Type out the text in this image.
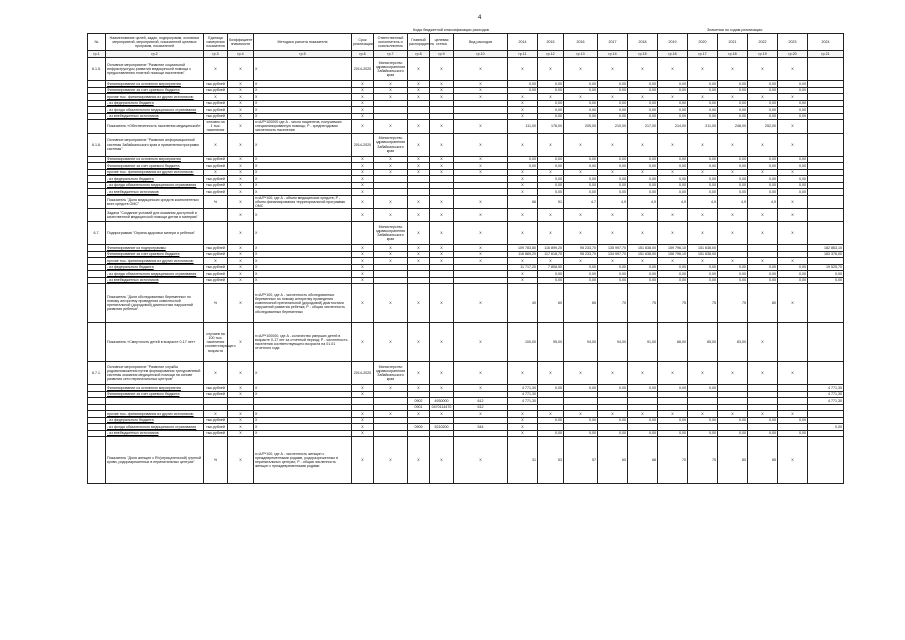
4
Коды бюджетной классификации расходов	Значения по годам реализации
№	Наименование целей, задач, подпрограмм, основных мероприятий, мероприятий, показателей целевых программ, показателей	Единица измерения показателя	Коэффициент значимости	Методика расчета показателя	Срок реализации	Ответственный исполнитель и соисполнитель	Главный распорядитель	целевая статья	Вид расходов	2014	2015	2016	2017	2018	2019	2020	2021	2022	2023	2024
гр.1	гр.2	гр.3	гр.4	гр.5	гр.6	гр.7	гр.8	гр.9	гр.10	гр.11	гр.12	гр.13	гр.14	гр.15	гр.16	гр.17	гр.18	гр.19	гр.20	гр.21
6.1.5.	Основное мероприятие "Развитие социальной инфраструктуры развития медицинской помощи к предоставлению платной помощи населению"	Х	Х	Х	2014-2020	Министерство здравоохранения Забайкальского края	Х	Х	Х	Х	Х	Х	Х	Х	Х	Х	Х	Х	Х	
	Финансирование из основного мероприятия	тыс.рублей	Х	Х	Х	Х	Х	Х	Х	0,00	0,00	0,00	0,00	0,00	0,00	0,00	0,00	0,00	0,00	
	Финансирование за счет краевого бюджета	тыс.рублей	Х	Х	Х	Х	Х	Х	Х	0,00	0,00	0,00	0,00	0,00	0,00	0,00	0,00	0,00	0,00	
	прочие тыс. финансирования из других источников:	Х	Х	Х	Х	Х	Х	Х	Х	Х	Х	Х	Х	Х	Х	Х	Х	Х	Х	
	- из федерального бюджета	тыс.рублей	Х	Х	Х					Х	0,00	0,00	0,00	0,00	0,00	0,00	0,00	0,00	0,00	
	- из фонда обязательного медицинского страхования	тыс.рублей	Х	Х	Х					Х	0,00	0,00	0,00	0,00	0,00	0,00	0,00	0,00	0,00	
	- из внебюджетных источников	тыс.рублей	Х	Х	Х					Х	0,00	0,00	0,00	0,00	0,00	0,00	0,00	0,00	0,00	
	Показатель «Обеспеченность населения медицинской»	человек на 1 тыс. населения	Х	п=А/Р*100000 где А - число пациентов, получивших специализированную помощь; Р - среднегодовая численность населения	Х	Х	Х	Х	Х	111,00	176,00	205,00	210,00	217,00	214,00	211,00	248,00	252,00	Х	
6.1.6.	Основное мероприятие "Развитие информационной системы Забайкальского края и применения программ системы"	Х	Х	Х	2014-2020	Министерство здравоохранения Забайкальского края	Х	Х	Х	Х	Х	Х	Х	Х	Х	Х	Х	Х	Х	
	Финансирование из основного мероприятия	тыс.рублей	Х	Х	Х	Х	Х	Х	Х	0,00	0,00	0,00	0,00	0,00	0,00	0,00	0,00	0,00	0,00	
	Финансирование за счет краевого бюджета	тыс.рублей	Х	Х	Х	Х	Х	Х	Х	0,00	0,00	0,00	0,00	0,00	0,00	0,00	0,00	0,00	0,00	
	прочие тыс. финансирования из других источников:	Х	Х	Х	Х	Х	Х	Х	Х	Х	Х	Х	Х	Х	Х	Х	Х	Х	Х	
	- из федерального бюджета	тыс.рублей	Х	Х	Х					Х	0,00	0,00	0,00	0,00	0,00	0,00	0,00	0,00	0,00	
	- из фонда обязательного медицинского страхования	тыс.рублей	Х	Х	Х					Х	0,00	0,00	0,00	0,00	0,00	0,00	0,00	0,00	0,00	
	- из внебюджетных источников	тыс.рублей	Х	Х	Х					Х	0,00	0,00	0,00	0,00	0,00	0,00	0,00	0,00	0,00	
	Показатель "Доля медицинских средств компонентных всех средств ОМС"	%	Х	п=А/Р*100, где А - объем медицинских средств; Р - объем финансирования территориальной программы ОМС	Х	Х	Х	Х	Х	66	51	4,7	4,9	4,9	4,9	4,9	4,9	4,9	Х	
	Задача "Создание условий для оказания доступной и качественной медицинской помощи детям и матерям"		Х	Х	Х	Х	Х	Х	Х	Х	Х	Х	Х	Х	Х	Х	Х	Х	Х	
6.7.	Подпрограмма "Охрана здоровья матери и ребенка"		Х	Х		Министерство здравоохранения Забайкальского края	Х	Х	Х	Х	Х	Х	Х	Х	Х	Х	Х	Х	Х	
	Финансирование из подпрограммы	тыс.рублей	Х	Х	Х	Х	Х	Х	Х	109 783,80	116 899,20	95 233,70	135 997,70	151 638,00	159 796,10	151 638,00				182 863,10
	Финансирование за счет краевого бюджета	тыс.рублей	Х	Х	Х	Х	Х	Х	Х	116 869,20	117 618,70	95 233,70	134 997,70	151 638,00	158 796,10	151 638,00				183 376,00
	прочие тыс. финансирования из других источников:	Х	Х	Х	Х	Х	Х	Х	Х	Х	Х	Х	Х	Х	Х	Х	Х	Х	Х	
	- из федерального бюджета	тыс.рублей	Х	Х	Х					11 717,20	7 808,50	0,00	0,00	0,00	0,00	0,00	0,00	0,00	0,00	19 525,70
	- из фонда обязательного медицинского страхования	тыс.рублей	Х	Х	Х					Х	0,00	0,00	0,00	0,00	0,00	0,00	0,00	0,00	0,00	0,00
	- из внебюджетных источников	тыс.рублей	Х	Х	Х					Х	0,00	0,00	0,00	0,00	0,00	0,00	0,00	0,00	0,00	0,00
	Показатель "Доля обследованных беременных по новому алгоритму проведения комплексной пренатальной (дородовой) диагностики нарушений развития ребенка"	%	Х	п=А/Р*100, где А - численность обследованных беременных по новому алгоритму проведения комплексной пренатальной (дородовой) диагностики нарушений развития ребенка; Р - общая численность обследованных беременных	Х	Х	Х	Х	Х	40	60	65	70	75	75	75	75	80	Х	
	Показатель «Смертность детей в возрасте 0-17 лет»	случаев на 100 тыс. населения соответствующего возраста	Х	п=А/Р*100000, где А - количество умерших детей в возрасте 0-17 лет за отчетный период; Р - численность населения соответствующего возраста на 01.01 отчетного года	Х	Х	Х	Х	Х	100,00	95,00	94,00	94,00	91,00	88,00	85,00	83,00	Х		
6.7.1.	Основное мероприятие "Развитие службы родовспоможения путем формирования трехуровневой системы оказания медицинской помощи на основе развития сети перинатальных центров"	Х	Х	Х	2014-2020	Министерство здравоохранения Забайкальского края	Х	Х	Х	Х	Х	Х	Х	Х	Х	Х	Х	Х	Х	
	Финансирование из основного мероприятия	тыс.рублей	Х	Х	Х	Х	Х	Х	Х	4 771,30	0,00	0,00	0,00	0,00	0,00	0,00				4 771,30
	Финансирование за счет краевого бюджета	тыс.рублей	Х	Х	Х					4 771,30										4 771,30
							0902	4930000	612	4 771,30										4 771,30
							0901	0470114470	612											
	прочие тыс. финансирования из других источников:	Х	Х	Х	Х	Х	Х	Х	Х	Х	Х	Х	Х	Х	Х	Х	Х	Х	Х	
	- из федерального бюджета	тыс.рублей	Х	Х	Х					Х	0,00	0,00	0,00	0,00	0,00	0,00	0,00	0,00	0,00	
	- из фонда обязательного медицинского страхования	тыс.рублей	Х	Х	Х		0909	5210200	544	Х										0,00
	- из внебюджетных источников	тыс.рублей	Х	Х	Х					Х	0,00	0,00	0,00	0,00	0,00	0,00	0,00	0,00	0,00	
	Показатель "Доля женщин с Rh(отрицательной) группой крови, родоразрешенных в перинатальных центрах"	%	Х	п=А/Р*100, где А - численность женщин с преждевременными родами, родоразрешенных в перинатальных центрах; Р - общая численность женщин с преждевременными родами	Х	Х	Х	Х	Х	31	53	57	60	68	70	75	80	85	Х	
